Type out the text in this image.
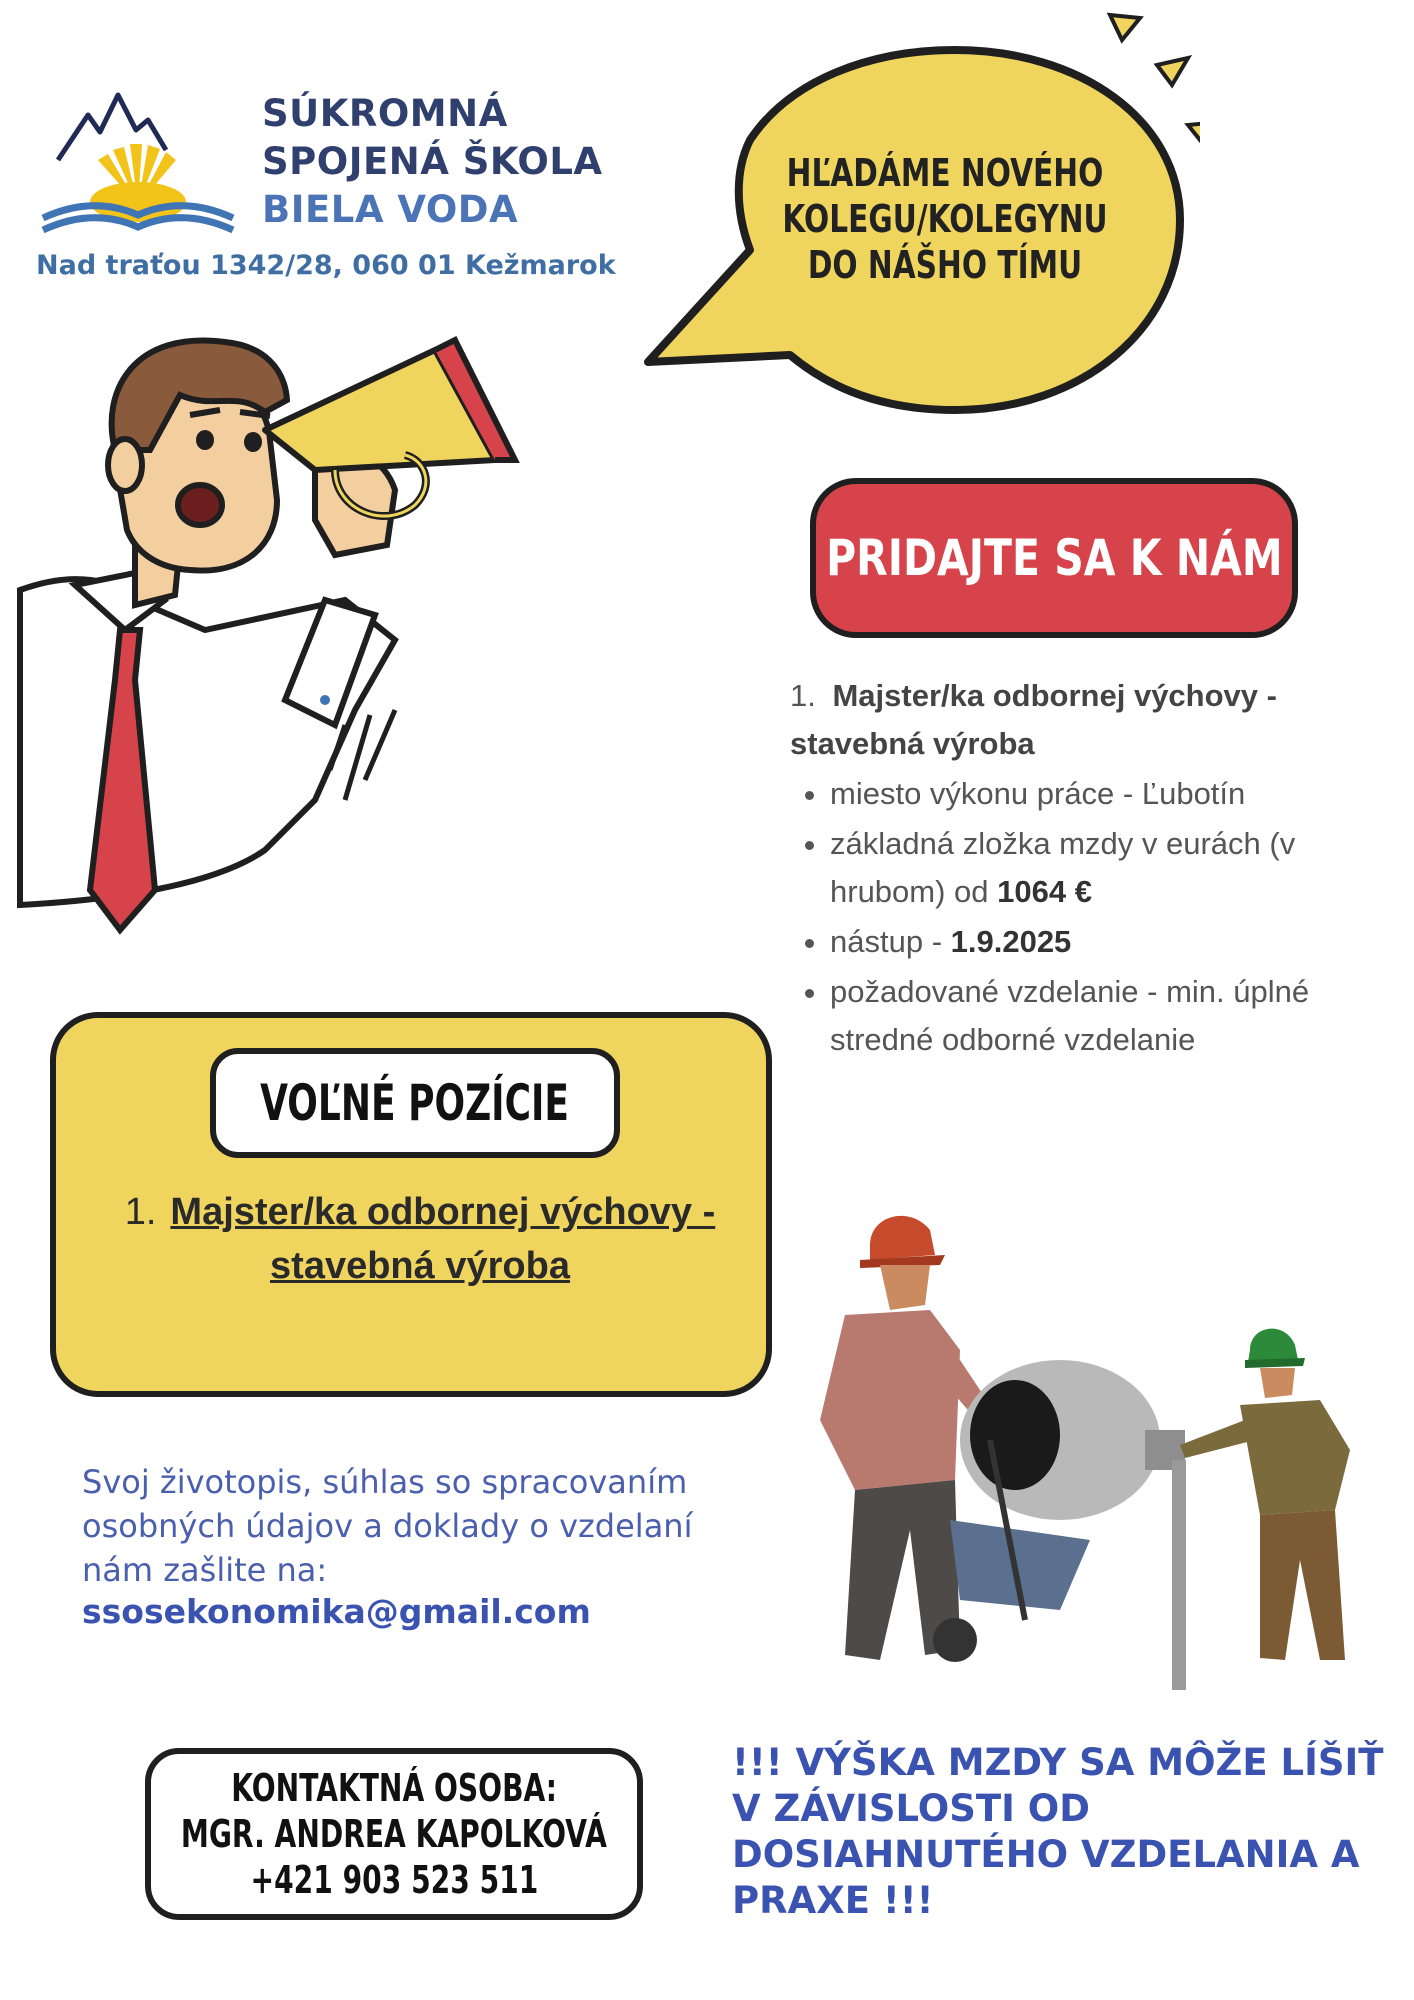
SÚKROMNÁ
SPOJENÁ ŠKOLA
BIELA VODA
Nad traťou 1342/28, 060 01 Kežmarok
HĽADÁME NOVÉHO KOLEGU/KOLEGYNU DO NÁŠHO TÍMU
PRIDAJTE SA K NÁM
1. Majster/ka odbornej výchovy - stavebná výroba
• miesto výkonu práce - Ľubotín
• základná zložka mzdy v eurách (v hrubom) od 1064 €
• nástup - 1.9.2025
• požadované vzdelanie - min. úplné stredné odborné vzdelanie
VOĽNÉ POZÍCIE
1. Majster/ka odbornej výchovy - stavebná výroba
Svoj životopis, súhlas so spracovaním osobných údajov a doklady o vzdelaní nám zašlite na:
ssosekonomika@gmail.com
KONTAKTNÁ OSOBA:
MGR. ANDREA KAPOLKOVÁ
+421 903 523 511
!!! VÝŠKA MZDY SA MÔŽE LÍŠIŤ V ZÁVISLOSTI OD DOSIAHNUTÉHO VZDELANIA A PRAXE !!!
